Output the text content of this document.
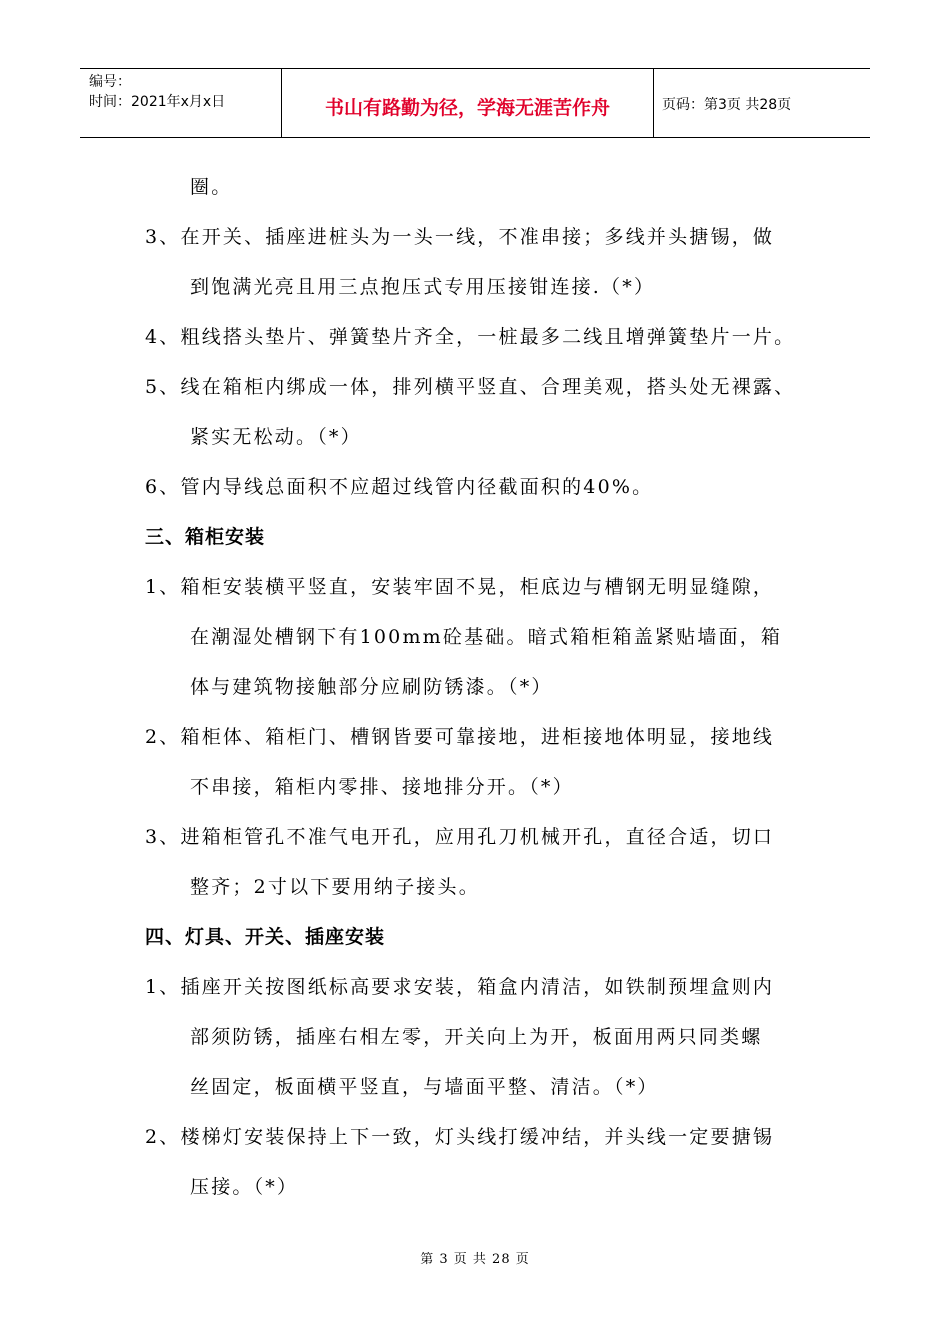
编号：
时间：2021年x月x日	书山有路勤为径，学海无涯苦作舟	页码：第3页 共28页
圈。
3、在开关、插座进桩头为一头一线，不准串接；多线并头搪锡，做
到饱满光亮且用三点抱压式专用压接钳连接.（*）
4、粗线搭头垫片、弹簧垫片齐全，一桩最多二线且增弹簧垫片一片。
5、线在箱柜内绑成一体，排列横平竖直、合理美观，搭头处无裸露、
紧实无松动。（*）
6、管内导线总面积不应超过线管内径截面积的40%。
三、箱柜安装
1、箱柜安装横平竖直，安装牢固不晃，柜底边与槽钢无明显缝隙，
在潮湿处槽钢下有100mm砼基础。暗式箱柜箱盖紧贴墙面，箱
体与建筑物接触部分应刷防锈漆。（*）
2、箱柜体、箱柜门、槽钢皆要可靠接地，进柜接地体明显，接地线
不串接，箱柜内零排、接地排分开。（*）
3、进箱柜管孔不准气电开孔，应用孔刀机械开孔，直径合适，切口
整齐；2寸以下要用纳子接头。
四、灯具、开关、插座安装
1、插座开关按图纸标高要求安装，箱盒内清洁，如铁制预埋盒则内
部须防锈，插座右相左零，开关向上为开，板面用两只同类螺
丝固定，板面横平竖直，与墙面平整、清洁。（*）
2、楼梯灯安装保持上下一致，灯头线打缓冲结，并头线一定要搪锡
压接。（*）
第 3 页 共 28 页
